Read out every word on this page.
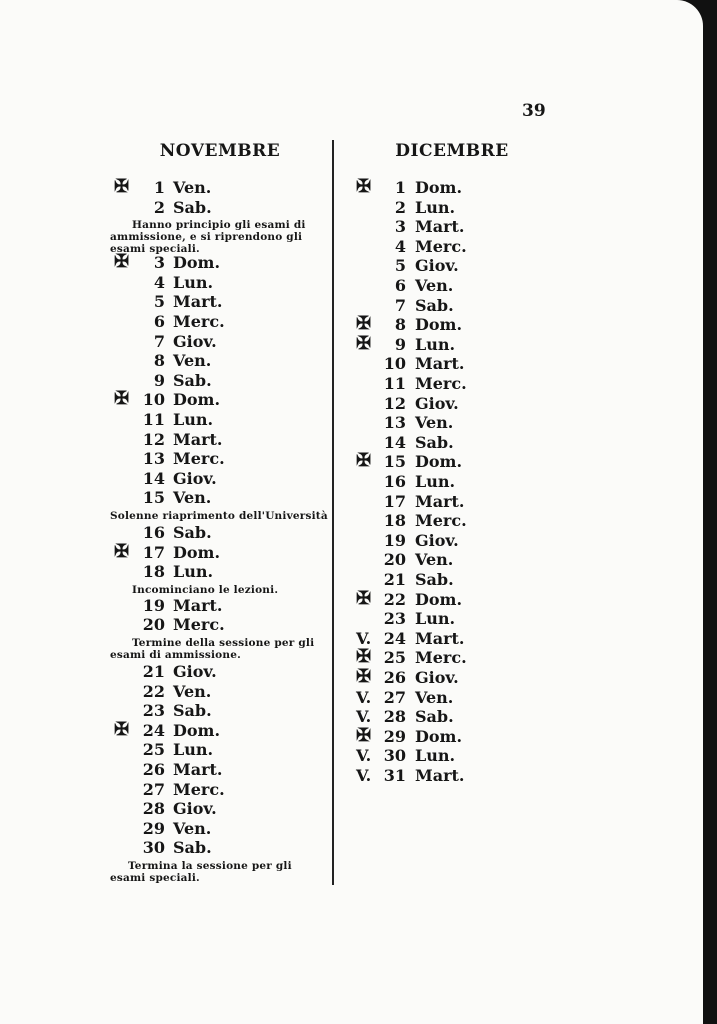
39
NOVEMBRE	DICEMBRE
✠	1 Ven.
2 Sab.
Hanno principio gli esami di ammissione, e si riprendono gli esami speciali.
✠	3 Dom.
4 Lun.
5 Mart.
6 Merc.
7 Giov.
8 Ven.
9 Sab.
✠ 10 Dom.
11 Lun.
12 Mart.
13 Merc.
14 Giov.
15 Ven.
Solenne riaprimento dell'Università
16 Sab.
✠ 17 Dom.
18 Lun.
Incominciano le lezioni.
19 Mart.
20 Merc.
Termine della sessione per gli esami di ammissione.
21 Giov.
22 Ven.
23 Sab.
✠ 24 Dom.
25 Lun.
26 Mart.
27 Merc.
28 Giov.
29 Ven.
30 Sab.
Termina la sessione per gli esami speciali.
✠	1 Dom.
2 Lun.
3 Mart.
4 Merc.
5 Giov.
6 Ven.
7 Sab.
✠	8 Dom.
✠	9 Lun.
10 Mart.
11 Merc.
12 Giov.
13 Ven.
14 Sab.
✠ 15 Dom.
16 Lun.
17 Mart.
18 Merc.
19 Giov.
20 Ven.
21 Sab.
✠ 22 Dom.
23 Lun.
V. 24 Mart.
✠ 25 Merc.
✠ 26 Giov.
V. 27 Ven.
V. 28 Sab.
✠ 29 Dom.
V. 30 Lun.
V. 31 Mart.
